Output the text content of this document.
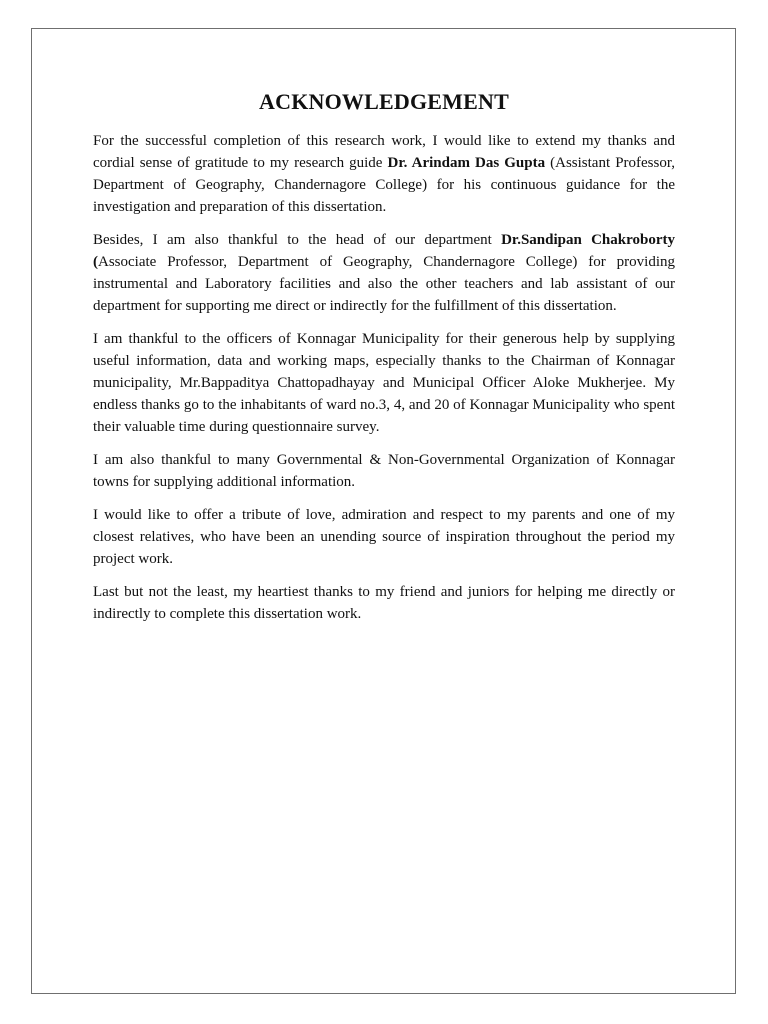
ACKNOWLEDGEMENT

For the successful completion of this research work, I would like to extend my thanks and cordial sense of gratitude to my research guide Dr. Arindam Das Gupta (Assistant Professor, Department of Geography, Chandernagore College) for his continuous guidance for the investigation and preparation of this dissertation.

Besides, I am also thankful to the head of our department Dr.Sandipan Chakroborty (Associate Professor, Department of Geography, Chandernagore College) for providing instrumental and Laboratory facilities and also the other teachers and lab assistant of our department for supporting me direct or indirectly for the fulfillment of this dissertation.

I am thankful to the officers of Konnagar Municipality for their generous help by supplying useful information, data and working maps, especially thanks to the Chairman of Konnagar municipality, Mr.Bappaditya Chattopadhayay and Municipal Officer Aloke Mukherjee. My endless thanks go to the inhabitants of ward no.3, 4, and 20 of Konnagar Municipality who spent their valuable time during questionnaire survey.

I am also thankful to many Governmental & Non-Governmental Organization of Konnagar towns for supplying additional information.

I would like to offer a tribute of love, admiration and respect to my parents and one of my closest relatives, who have been an unending source of inspiration throughout the period my project work.

Last but not the least, my heartiest thanks to my friend and juniors for helping me directly or indirectly to complete this dissertation work.
